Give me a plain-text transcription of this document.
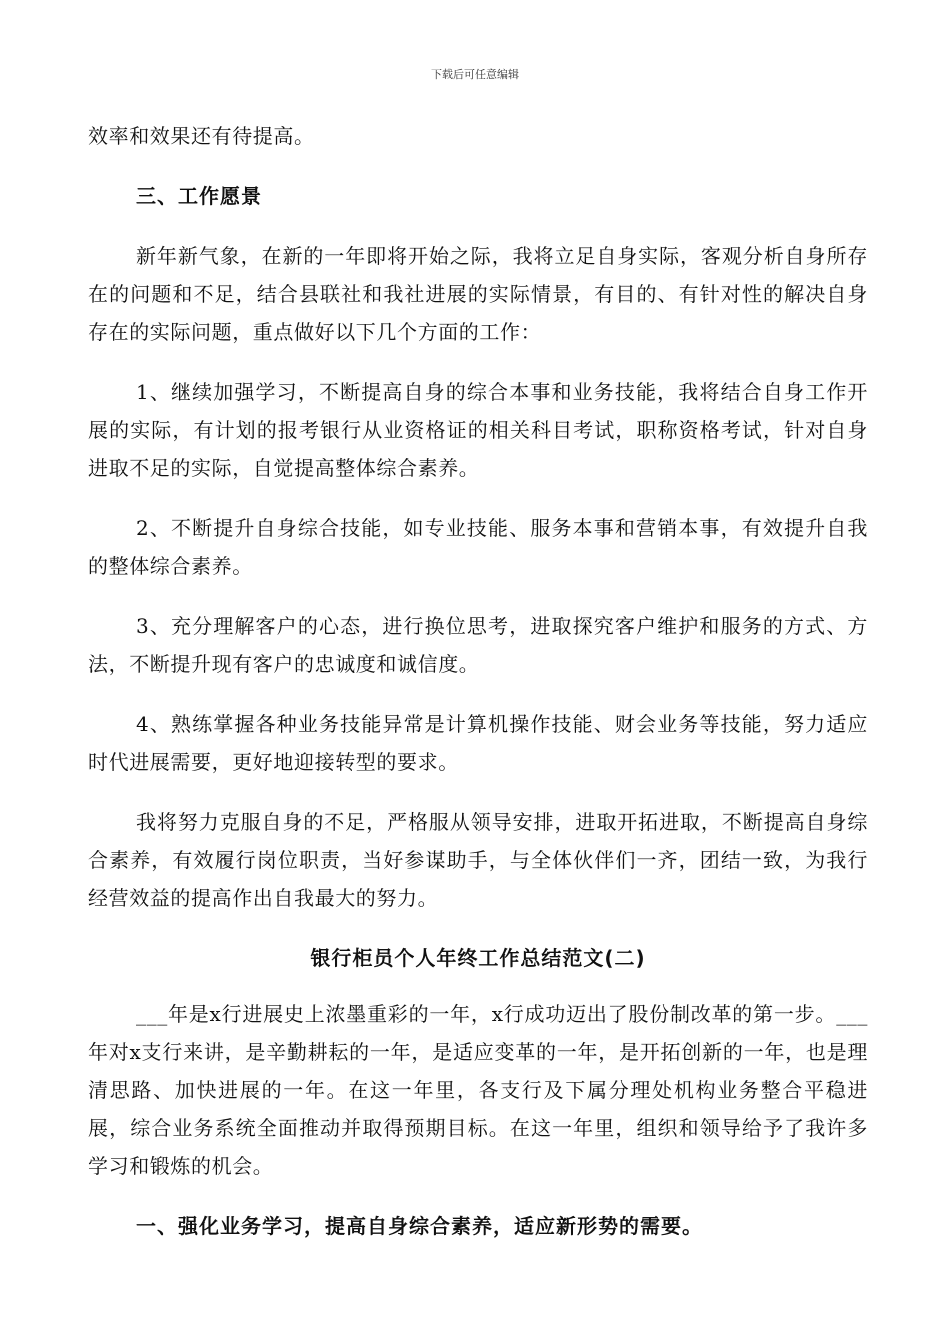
下载后可任意编辑

效率和效果还有待提高。

三、工作愿景

新年新气象，在新的一年即将开始之际，我将立足自身实际，客观分析自身所存在的问题和不足，结合县联社和我社进展的实际情景，有目的、有针对性的解决自身存在的实际问题，重点做好以下几个方面的工作：

1、继续加强学习，不断提高自身的综合本事和业务技能，我将结合自身工作开展的实际，有计划的报考银行从业资格证的相关科目考试，职称资格考试，针对自身进取不足的实际，自觉提高整体综合素养。

2、不断提升自身综合技能，如专业技能、服务本事和营销本事，有效提升自我的整体综合素养。

3、充分理解客户的心态，进行换位思考，进取探究客户维护和服务的方式、方法，不断提升现有客户的忠诚度和诚信度。

4、熟练掌握各种业务技能异常是计算机操作技能、财会业务等技能，努力适应时代进展需要，更好地迎接转型的要求。

我将努力克服自身的不足，严格服从领导安排，进取开拓进取，不断提高自身综合素养，有效履行岗位职责，当好参谋助手，与全体伙伴们一齐，团结一致，为我行经营效益的提高作出自我最大的努力。

银行柜员个人年终工作总结范文(二)

___年是x行进展史上浓墨重彩的一年，x行成功迈出了股份制改革的第一步。___年对x支行来讲，是辛勤耕耘的一年，是适应变革的一年，是开拓创新的一年，也是理清思路、加快进展的一年。在这一年里，各支行及下属分理处机构业务整合平稳进展，综合业务系统全面推动并取得预期目标。在这一年里，组织和领导给予了我许多学习和锻炼的机会。

一、强化业务学习，提高自身综合素养，适应新形势的需要。
